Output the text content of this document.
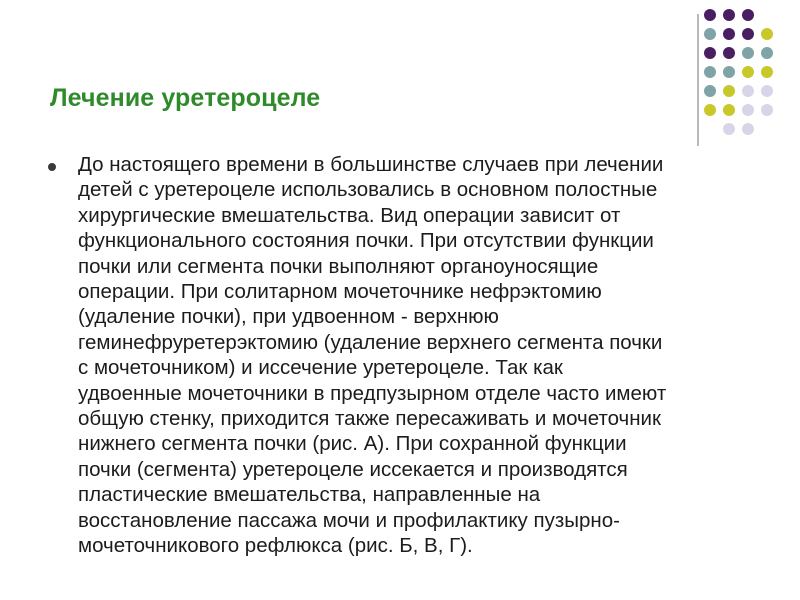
Лечение уретероцеле
До настоящего времени в большинстве случаев при лечении
детей с уретероцеле использовались в основном полостные
хирургические вмешательства. Вид операции зависит от
функционального состояния почки. При отсутствии функции
почки или сегмента почки выполняют органоуносящие
операции. При солитарном мочеточнике нефрэктомию
(удаление почки), при удвоенном - верхнюю
геминефруретерэктомию (удаление верхнего сегмента почки
с мочеточником) и иссечение уретероцеле. Так как
удвоенные мочеточники в предпузырном отделе часто имеют
общую стенку, приходится также пересаживать и мочеточник
нижнего сегмента почки (рис. А). При сохранной функции
почки (сегмента) уретероцеле иссекается и производятся
пластические вмешательства, направленные на
восстановление пассажа мочи и профилактику пузырно-
мочеточникового рефлюкса (рис. Б, В, Г).
